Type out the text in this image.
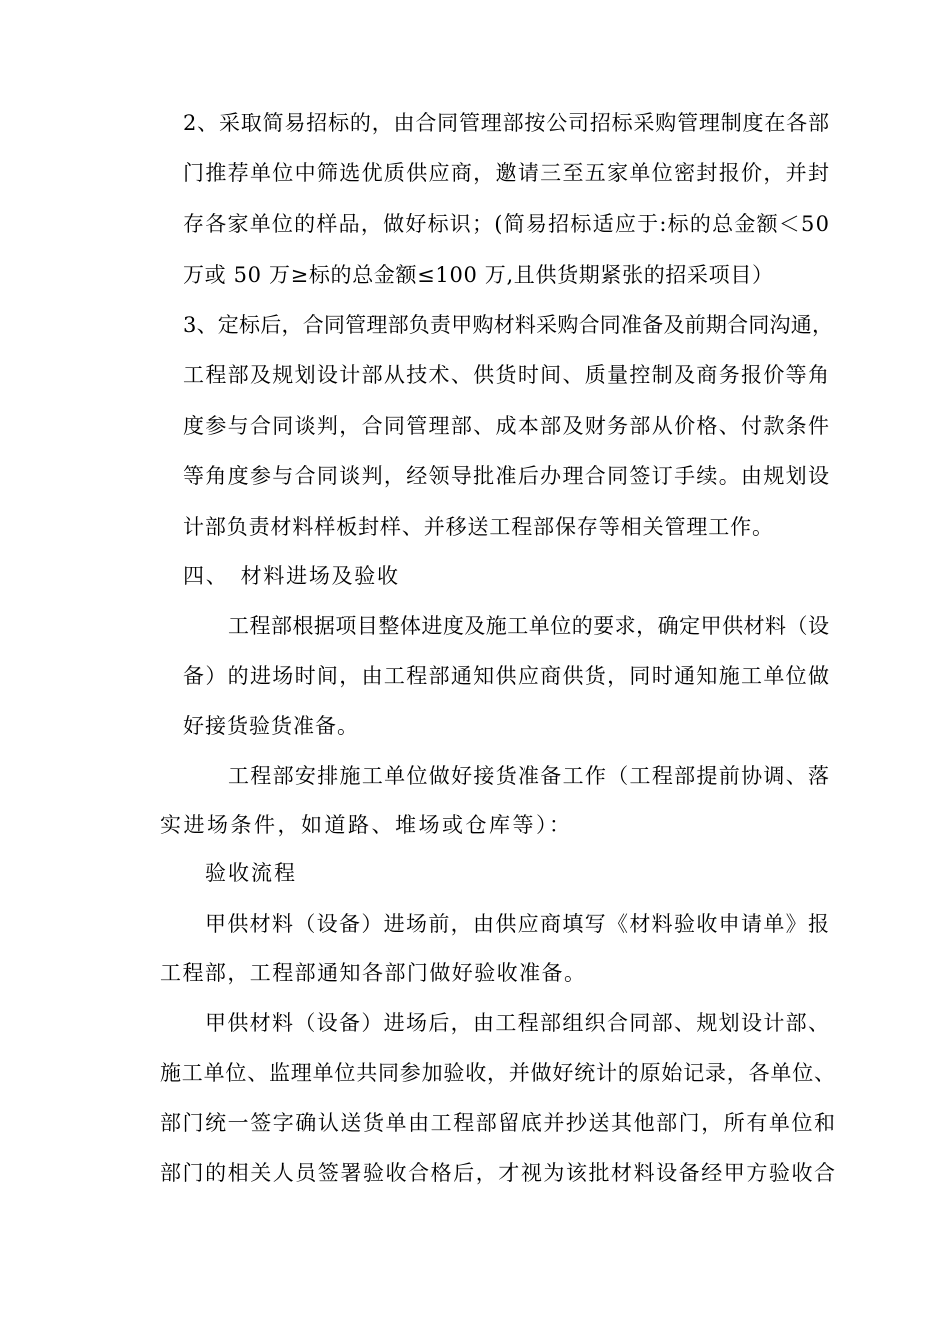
2、采取简易招标的，由合同管理部按公司招标采购管理制度在各部
门推荐单位中筛选优质供应商，邀请三至五家单位密封报价，并封
存各家单位的样品，做好标识；(简易招标适应于:标的总金额＜50
万或 50 万≥标的总金额≤100 万,且供货期紧张的招采项目）
3、定标后，合同管理部负责甲购材料采购合同准备及前期合同沟通，
工程部及规划设计部从技术、供货时间、质量控制及商务报价等角
度参与合同谈判，合同管理部、成本部及财务部从价格、付款条件
等角度参与合同谈判，经领导批准后办理合同签订手续。由规划设
计部负责材料样板封样、并移送工程部保存等相关管理工作。
四、　材料进场及验收
工程部根据项目整体进度及施工单位的要求，确定甲供材料（设
备）的进场时间，由工程部通知供应商供货，同时通知施工单位做
好接货验货准备。
工程部安排施工单位做好接货准备工作（工程部提前协调、落
实进场条件，如道路、堆场或仓库等）：
验收流程
甲供材料（设备）进场前，由供应商填写《材料验收申请单》报
工程部，工程部通知各部门做好验收准备。
甲供材料（设备）进场后，由工程部组织合同部、规划设计部、
施工单位、监理单位共同参加验收，并做好统计的原始记录，各单位、
部门统一签字确认送货单由工程部留底并抄送其他部门，所有单位和
部门的相关人员签署验收合格后，才视为该批材料设备经甲方验收合
